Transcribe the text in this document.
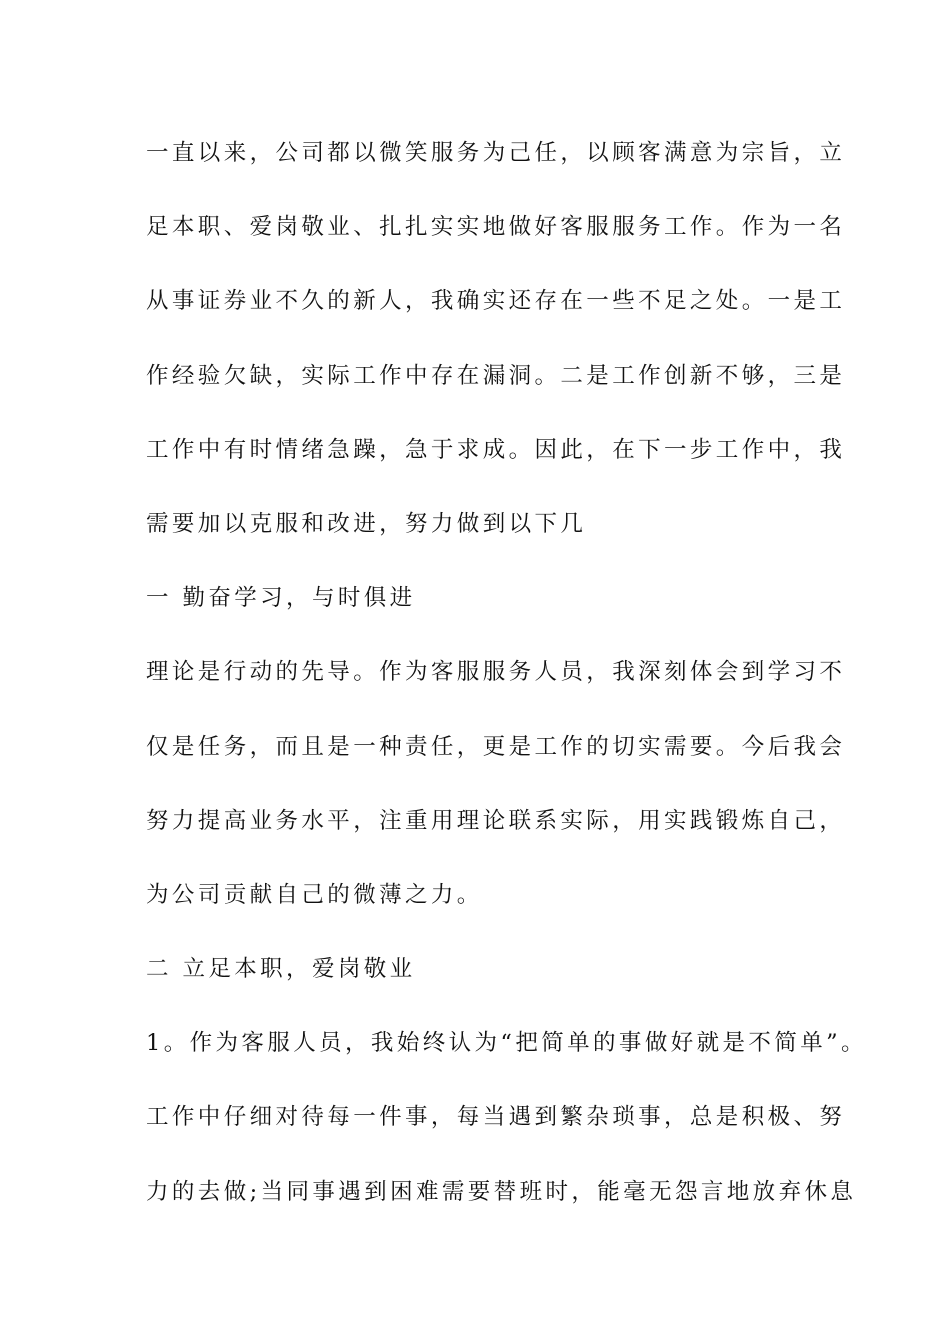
一直以来，公司都以微笑服务为己任，以顾客满意为宗旨，立
足本职、爱岗敬业、扎扎实实地做好客服服务工作。作为一名
从事证券业不久的新人，我确实还存在一些不足之处。一是工
作经验欠缺，实际工作中存在漏洞。二是工作创新不够，三是
工作中有时情绪急躁，急于求成。因此，在下一步工作中，我
需要加以克服和改进，努力做到以下几
一 勤奋学习，与时俱进
理论是行动的先导。作为客服服务人员，我深刻体会到学习不
仅是任务，而且是一种责任，更是工作的切实需要。今后我会
努力提高业务水平，注重用理论联系实际，用实践锻炼自己，
为公司贡献自己的微薄之力。
二 立足本职，爱岗敬业
1。作为客服人员，我始终认为“把简单的事做好就是不简单”。
工作中仔细对待每一件事，每当遇到繁杂琐事，总是积极、努
力的去做;当同事遇到困难需要替班时，能毫无怨言地放弃休息
